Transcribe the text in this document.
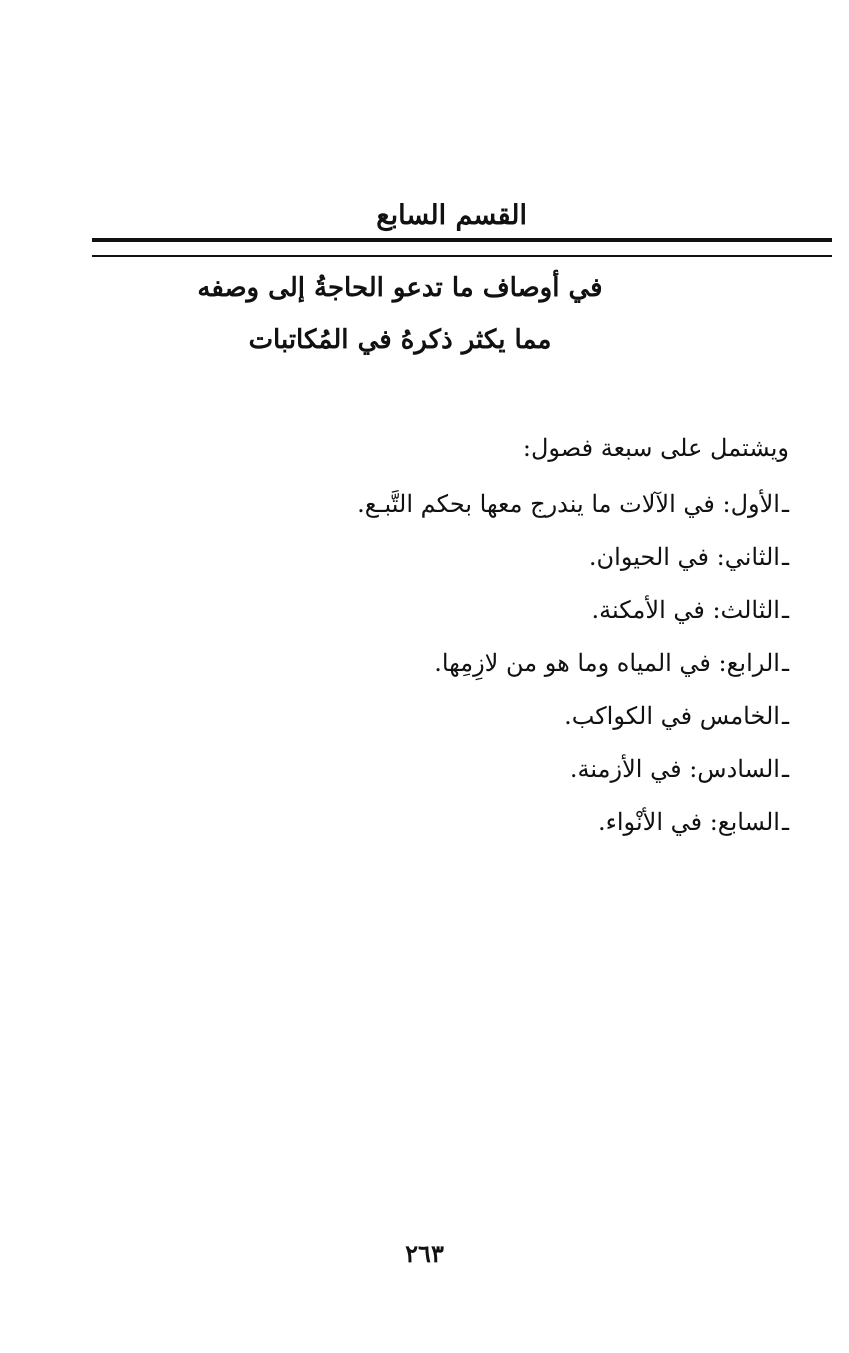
القسم السابع
في أوصاف ما تدعو الحاجةُ إلى وصفه
مما يكثر ذكرهُ في المُكاتبات
ويشتمل على سبعة فصول:
ـالأول: في الآلات ما يندرج معها بحكم التَّبـع.
ـالثاني: في الحيوان.
ـالثالث: في الأمكنة.
ـالرابع: في المياه وما هو من لازِمِها.
ـالخامس في الكواكب.
ـالسادس: في الأزمنة.
ـالسابع: في الأنْواء.
٢٦٣
